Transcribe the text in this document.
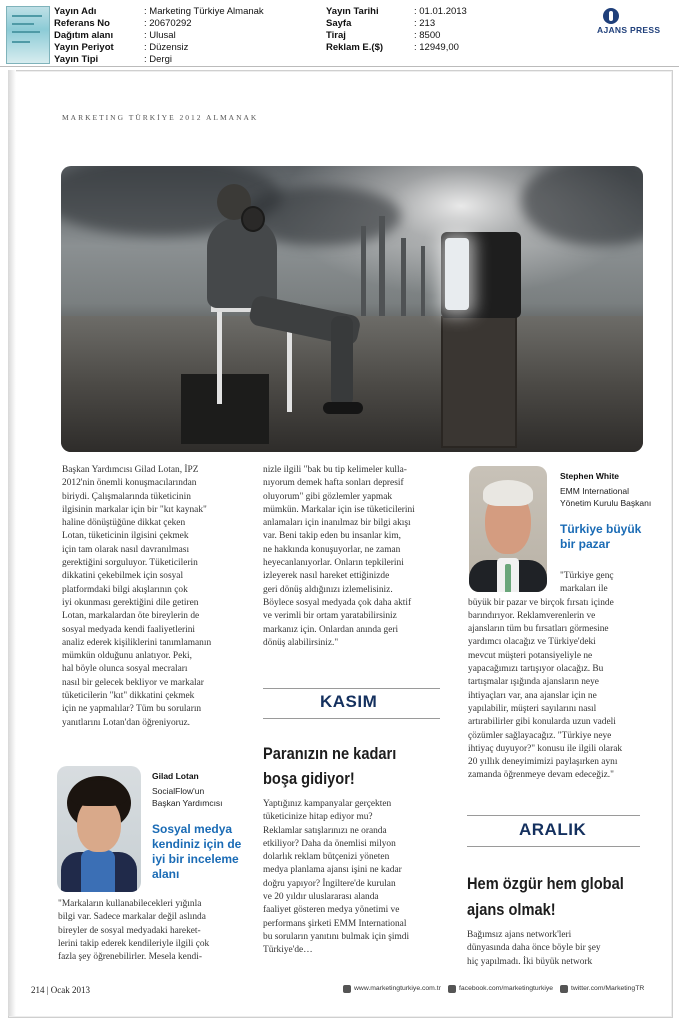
Yayın Adı	: Marketing Türkiye Almanak
Referans No	: 20670292
Dağıtım alanı	: Ulusal
Yayın Periyot	: Düzensiz
Yayın Tipi	: Dergi
Yayın Tarihi	: 01.01.2013
Sayfa	: 213
Tiraj	: 8500
Reklam E.($)	: 12949,00
AJANS PRESS
MARKETING TÜRKİYE 2012 ALMANAK
Başkan Yardımcısı Gilad Lotan, İPZ
2012'nin önemli konuşmacılarından
biriydi. Çalışmalarında tüketicinin
ilgisinin markalar için bir "kıt kaynak"
haline dönüştüğüne dikkat çeken
Lotan, tüketicinin ilgisini çekmek
için tam olarak nasıl davranılması
gerektiğini sorguluyor. Tüketicilerin
dikkatini çekebilmek için sosyal
platformdaki bilgi akışlarının çok
iyi okunması gerektiğini dile getiren
Lotan, markalardan öte bireylerin de
sosyal medyada kendi faaliyetlerini
analiz ederek kişiliklerini tanımlamanın
mümkün olduğunu anlatıyor. Peki,
hal böyle olunca sosyal mecraları
nasıl bir gelecek bekliyor ve markalar
tüketicilerin "kıt" dikkatini çekmek
için ne yapmalılar? Tüm bu soruların
yanıtlarını Lotan'dan öğreniyoruz.
Gilad Lotan
SocialFlow'un
Başkan Yardımcısı
Sosyal medya
kendiniz için de
iyi bir inceleme
alanı
"Markaların kullanabilecekleri yığınla
bilgi var. Sadece markalar değil aslında
bireyler de sosyal medyadaki hareket-
lerini takip ederek kendileriyle ilgili çok
fazla şey öğrenebilirler. Mesela kendi-
nizle ilgili "bak bu tip kelimeler kulla-
nıyorum demek hafta sonları depresif
oluyorum" gibi gözlemler yapmak
mümkün. Markalar için ise tüketicilerini
anlamaları için inanılmaz bir bilgi akışı
var. Beni takip eden bu insanlar kim,
ne hakkında konuşuyorlar, ne zaman
heyecanlanıyorlar. Onların tepkilerini
izleyerek nasıl hareket ettiğinizde
geri dönüş aldığınızı izlemelisiniz.
Böylece sosyal medyada çok daha aktif
ve verimli bir ortam yaratabilirsiniz
markanız için. Onlardan anında geri
dönüş alabilirsiniz."
KASIM
Paranızın ne kadarı
boşa gidiyor!
Yaptığınız kampanyalar gerçekten
tüketicinize hitap ediyor mu?
Reklamlar satışlarınızı ne oranda
etkiliyor? Daha da önemlisi milyon
dolarlık reklam bütçenizi yöneten
medya planlama ajansı işini ne kadar
doğru yapıyor? İngiltere'de kurulan
ve 20 yıldır uluslararası alanda
faaliyet gösteren medya yönetimi ve
performans şirketi EMM International
bu soruların yanıtını bulmak için şimdi
Türkiye'de…
Stephen White
EMM International
Yönetim Kurulu Başkanı
Türkiye büyük
bir pazar
"Türkiye genç
markaları ile
büyük bir pazar ve birçok fırsatı içinde
barındırıyor. Reklamverenlerin ve
ajansların tüm bu fırsatları görmesine
yardımcı olacağız ve Türkiye'deki
mevcut müşteri potansiyeliyle ne
yapacağımızı tartışıyor olacağız. Bu
tartışmalar ışığında ajansların neye
ihtiyaçları var, ana ajanslar için ne
yapılabilir, müşteri sayılarını nasıl
artırabilirler gibi konularda uzun vadeli
çözümler sağlayacağız. "Türkiye neye
ihtiyaç duyuyor?" konusu ile ilgili olarak
20 yıllık deneyimimizi paylaşırken aynı
zamanda öğrenmeye devam edeceğiz."
ARALIK
Hem özgür hem global
ajans olmak!
Bağımsız ajans network'leri
dünyasında daha önce böyle bir şey
hiç yapılmadı. İki büyük network
214 | Ocak 2013	www.marketingturkiye.com.tr	facebook.com/marketingturkiye	twitter.com/MarketingTR
